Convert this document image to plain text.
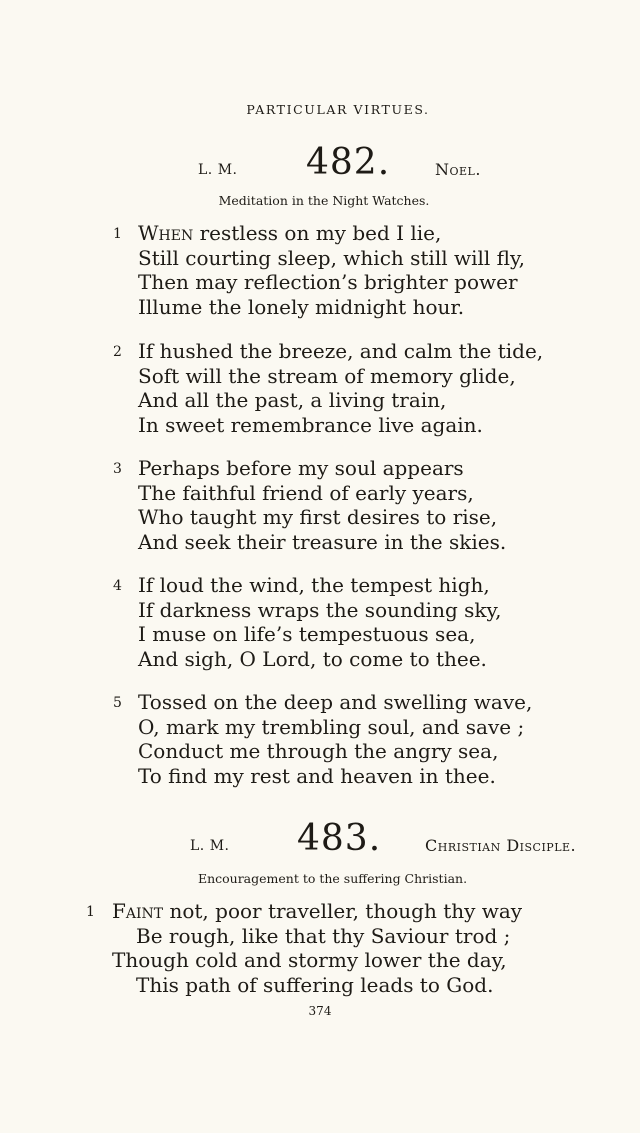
PARTICULAR VIRTUES.
L. M. 482.	Noel.
Meditation in the Night Watches.
1 When restless on my bed I lie,
Still courting sleep, which still will fly,
Then may reflection’s brighter power
Illume the lonely midnight hour.
2 If hushed the breeze, and calm the tide,
Soft will the stream of memory glide,
And all the past, a living train,
In sweet remembrance live again.
3 Perhaps before my soul appears
The faithful friend of early years,
Who taught my first desires to rise,
And seek their treasure in the skies.
4 If loud the wind, the tempest high,
If darkness wraps the sounding sky,
I muse on life’s tempestuous sea,
And sigh, O Lord, to come to thee.
5 Tossed on the deep and swelling wave,
O, mark my trembling soul, and save ;
Conduct me through the angry sea,
To find my rest and heaven in thee.
L. M. 483.	Christian Disciple.
Encouragement to the suffering Christian.
1 Faint not, poor traveller, though thy way
Be rough, like that thy Saviour trod ;
Though cold and stormy lower the day,
This path of suffering leads to God.
374
